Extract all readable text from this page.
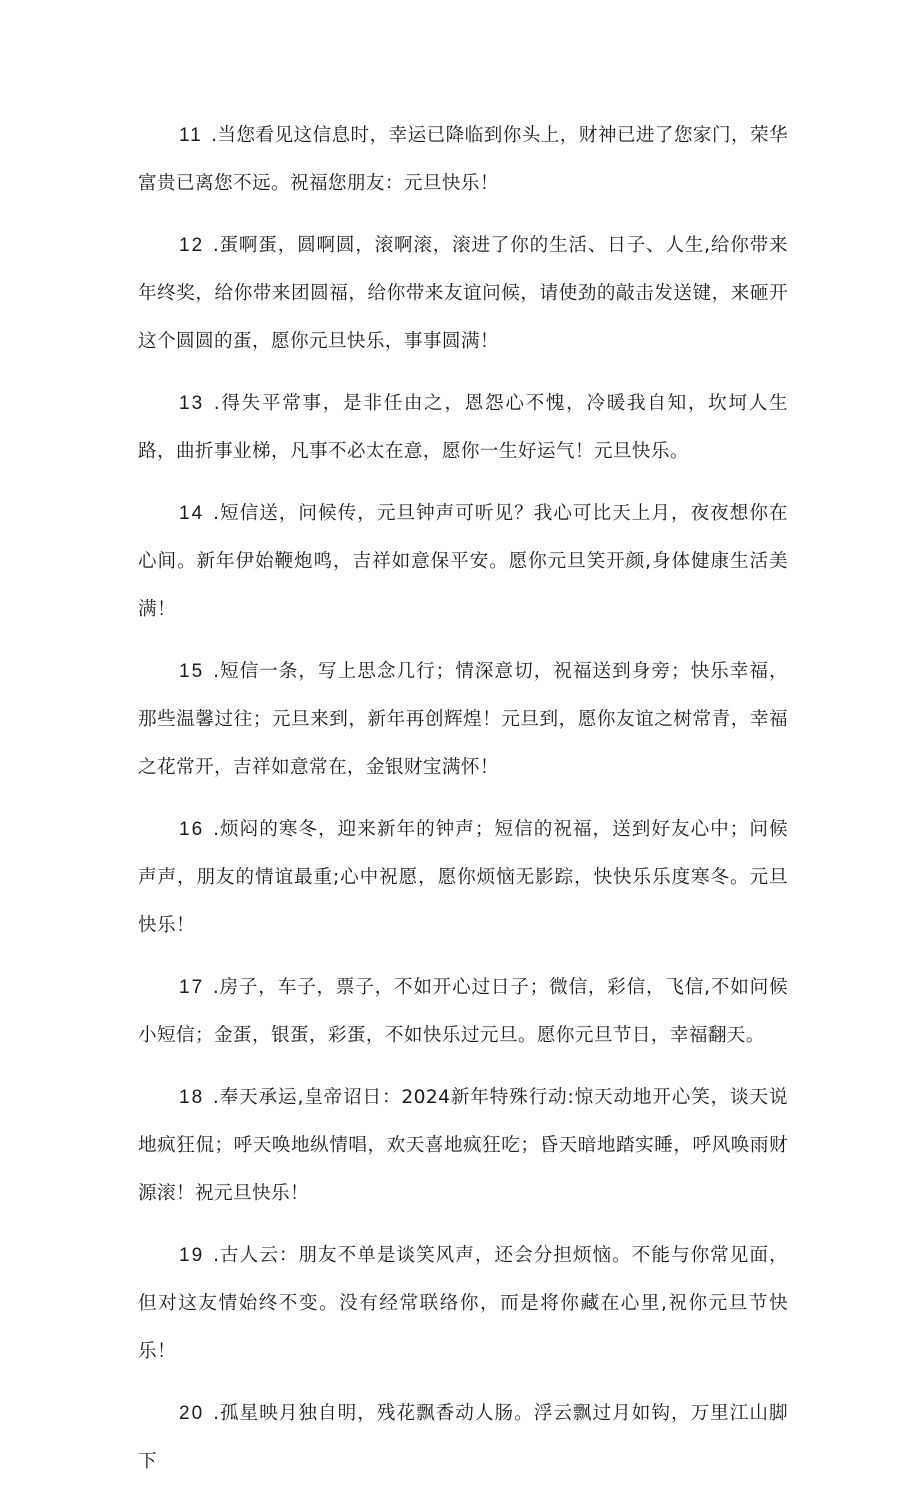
11 .当您看见这信息时，幸运已降临到你头上，财神已进了您家门，荣华富贵已离您不远。祝福您朋友：元旦快乐！

12 .蛋啊蛋，圆啊圆，滚啊滚，滚进了你的生活、日子、人生,给你带来年终奖，给你带来团圆福，给你带来友谊问候，请使劲的敲击发送键，来砸开这个圆圆的蛋，愿你元旦快乐，事事圆满！

13 .得失平常事，是非任由之，恩怨心不愧，冷暖我自知，坎坷人生路，曲折事业梯，凡事不必太在意，愿你一生好运气！元旦快乐。

14 .短信送，问候传，元旦钟声可听见？我心可比天上月，夜夜想你在心间。新年伊始鞭炮鸣，吉祥如意保平安。愿你元旦笑开颜,身体健康生活美满！

15 .短信一条，写上思念几行；情深意切，祝福送到身旁；快乐幸福，那些温馨过往；元旦来到，新年再创辉煌！元旦到，愿你友谊之树常青，幸福之花常开，吉祥如意常在，金银财宝满怀！

16 .烦闷的寒冬，迎来新年的钟声；短信的祝福，送到好友心中；问候声声，朋友的情谊最重;心中祝愿，愿你烦恼无影踪，快快乐乐度寒冬。元旦快乐！

17 .房子，车子，票子，不如开心过日子；微信，彩信，飞信,不如问候小短信；金蛋，银蛋，彩蛋，不如快乐过元旦。愿你元旦节日，幸福翻天。

18 .奉天承运,皇帝诏日：2024新年特殊行动:惊天动地开心笑，谈天说地疯狂侃；呼天唤地纵情唱，欢天喜地疯狂吃；昏天暗地踏实睡，呼风唤雨财源滚！祝元旦快乐！

19 .古人云：朋友不单是谈笑风声，还会分担烦恼。不能与你常见面，但对这友情始终不变。没有经常联络你，而是将你藏在心里,祝你元旦节快乐！

20 .孤星映月独自明，残花飘香动人肠。浮云飘过月如钩，万里江山脚下
